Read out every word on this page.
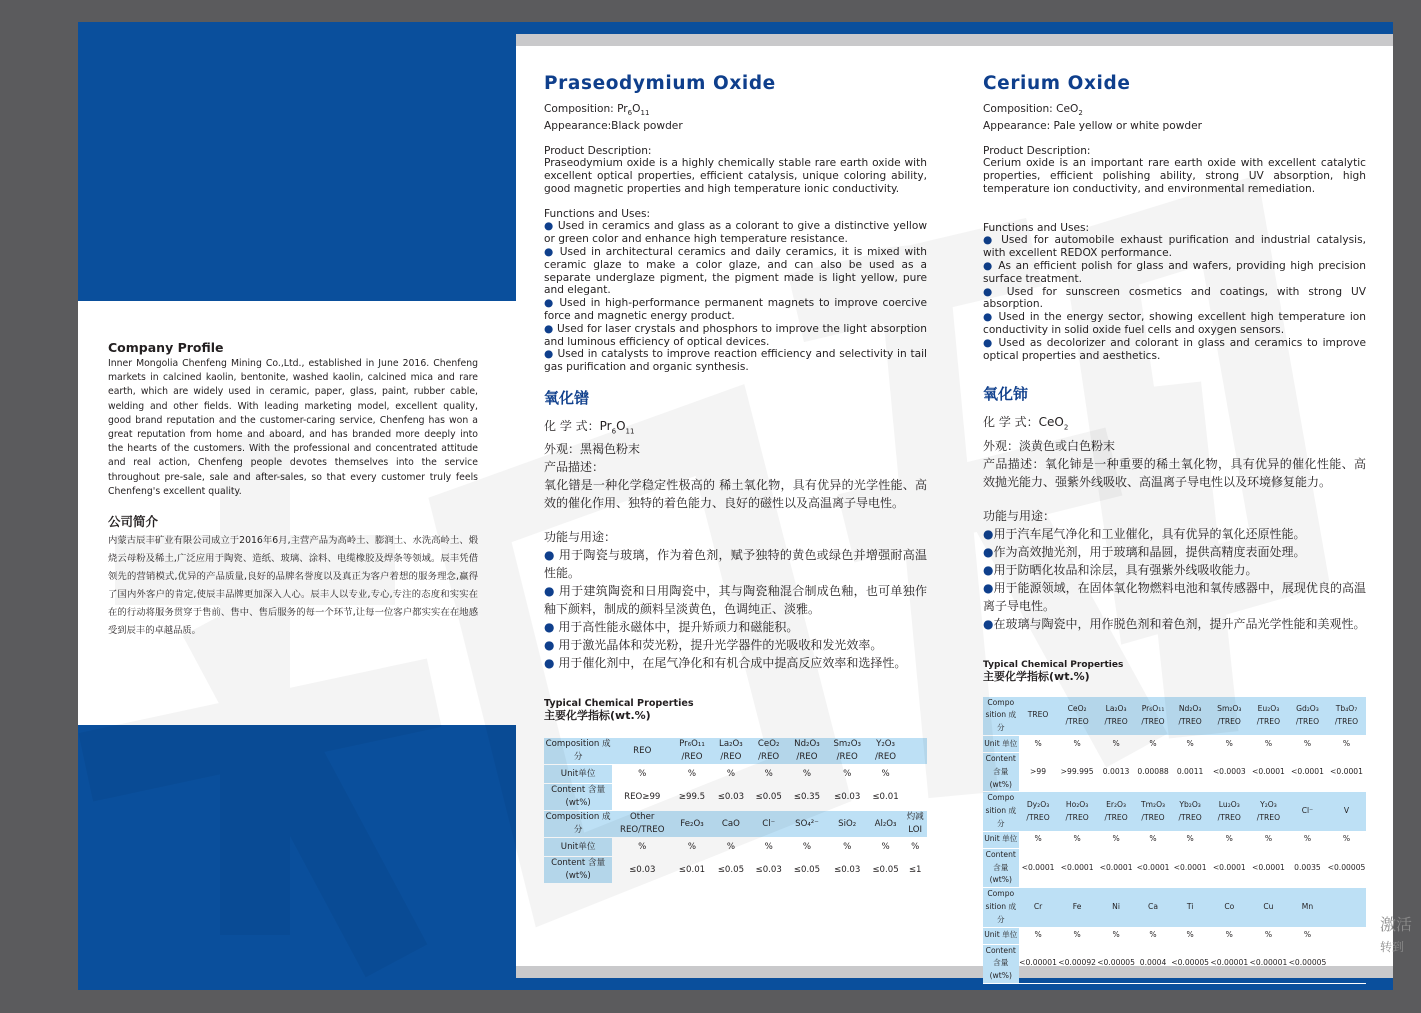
Company Profile

Inner Mongolia Chenfeng Mining Co.,Ltd., established in June 2016. Chenfeng markets in calcined kaolin, bentonite, washed kaolin, calcined mica and rare earth, which are widely used in ceramic, paper, glass, paint, rubber cable, welding and other fields. With leading marketing model, excellent quality, good brand reputation and the customer-caring service, Chenfeng has won a great reputation from home and aboard, and has branded more deeply into the hearts of the customers. With the professional and concentrated attitude and real action, Chenfeng people devotes themselves into the service throughout pre-sale, sale and after-sales, so that every customer truly feels Chenfeng's excellent quality.

公司简介

内蒙古辰丰矿业有限公司成立于2016年6月,主营产品为高岭土、膨润土、水洗高岭土、煅烧云母粉及稀土,广泛应用于陶瓷、造纸、玻璃、涂料、电缆橡胶及焊条等领域。辰丰凭借领先的营销模式,优异的产品质量,良好的品牌名誉度以及真正为客户着想的服务理念,赢得了国内外客户的肯定,使辰丰品牌更加深入人心。辰丰人以专业,专心,专注的态度和实实在在的行动将服务贯穿于售前、售中、售后服务的每一个环节,让每一位客户都实实在在地感受到辰丰的卓越品质。

Praseodymium Oxide
Composition: $Pr_6O_{11}$
Appearance:Black powder
Product Description:
Praseodymium oxide is a highly chemically stable rare earth oxide with excellent optical properties, efficient catalysis, unique coloring ability, good magnetic properties and high temperature ionic conductivity.
Functions and Uses:
● Used in ceramics and glass as a colorant to give a distinctive yellow or green color and enhance high temperature resistance.
● Used in architectural ceramics and daily ceramics, it is mixed with ceramic glaze to make a color glaze, and can also be used as a separate underglaze pigment, the pigment made is light yellow, pure and elegant.
● Used in high-performance permanent magnets to improve coercive force and magnetic energy product.
● Used for laser crystals and phosphors to improve the light absorption and luminous efficiency of optical devices.
● Used in catalysts to improve reaction efficiency and selectivity in tail gas purification and organic synthesis.
氧化镨
化 学 式：$Pr_6O_{11}$
外观：黑褐色粉末
产品描述：
氧化镨是一种化学稳定性极高的 稀土氧化物，具有优异的光学性能、高效的催化作用、独特的着色能力、良好的磁性以及高温离子导电性。
功能与用途：
● 用于陶瓷与玻璃，作为着色剂，赋予独特的黄色或绿色并增强耐高温性能。
● 用于建筑陶瓷和日用陶瓷中，其与陶瓷釉混合制成色釉，也可单独作釉下颜料，制成的颜料呈淡黄色，色调纯正、淡雅。
● 用于高性能永磁体中，提升矫顽力和磁能积。
● 用于激光晶体和荧光粉，提升光学器件的光吸收和发光效率。
● 用于催化剂中，在尾气净化和有机合成中提高反应效率和选择性。
Typical Chemical Properties
主要化学指标(wt.%)
Composition 成分	REO	Pr₆O₁₁ /REO	La₂O₃ /REO	CeO₂ /REO	Nd₂O₃ /REO	Sm₂O₃ /REO	Y₂O₃ /REO	
Unit单位	%	%	%	%	%	%	%	
Content 含量(wt%)	REO≥99	≥99.5	≤0.03	≤0.05	≤0.35	≤0.03	≤0.01	
Composition 成分	Other REO/TREO	Fe₂O₃	CaO	Cl⁻	SO₄²⁻	SiO₂	Al₂O₃	灼减LOI
Unit单位	%	%	%	%	%	%	%	%
Content 含量(wt%)	≤0.03	≤0.01	≤0.05	≤0.03	≤0.05	≤0.03	≤0.05	≤1
Cerium Oxide
Composition: CeO$_2$
Appearance: Pale yellow or white powder
Product Description:
Cerium oxide is an important rare earth oxide with excellent catalytic properties, efficient polishing ability, strong UV absorption, high temperature ion conductivity, and environmental remediation.
Functions and Uses:
● Used for automobile exhaust purification and industrial catalysis, with excellent REDOX performance.
● As an efficient polish for glass and wafers, providing high precision surface treatment.
● Used for sunscreen cosmetics and coatings, with strong UV absorption.
● Used in the energy sector, showing excellent high temperature ion conductivity in solid oxide fuel cells and oxygen sensors.
● Used as decolorizer and colorant in glass and ceramics to improve optical properties and aesthetics.
氧化铈
化 学 式：CeO$_2$
外观：淡黄色或白色粉末
产品描述：氧化铈是一种重要的稀土氧化物，具有优异的催化性能、高效抛光能力、强紫外线吸收、高温离子导电性以及环境修复能力。
功能与用途：
●用于汽车尾气净化和工业催化，具有优异的氧化还原性能。
●作为高效抛光剂，用于玻璃和晶圆，提供高精度表面处理。
●用于防晒化妆品和涂层，具有强紫外线吸收能力。
●用于能源领域，在固体氧化物燃料电池和氧传感器中，展现优良的高温离子导电性。
●在玻璃与陶瓷中，用作脱色剂和着色剂，提升产品光学性能和美观性。
Typical Chemical Properties
主要化学指标(wt.%)
Compo sition 成分	TREO	CeO₂ /TREO	La₂O₃ /TREO	Pr₆O₁₁ /TREO	Nd₂O₃ /TREO	Sm₂O₃ /TREO	Eu₂O₃ /TREO	Gd₂O₃ /TREO	Tb₄O₇ /TREO
Unit 单位	%	%	%	%	%	%	%	%	%
Content 含量(wt%)	>99	>99.995	0.0013	0.00088	0.0011	<0.0003	<0.0001	<0.0001	<0.0001
Compo sition 成分	Dy₂O₃ /TREO	Ho₂O₃ /TREO	Er₂O₃ /TREO	Tm₂O₃ /TREO	Yb₂O₃ /TREO	Lu₂O₃ /TREO	Y₂O₃ /TREO	Cl⁻	V
Unit 单位	%	%	%	%	%	%	%	%	%
Content 含量 (wt%)	<0.0001	<0.0001	<0.0001	<0.0001	<0.0001	<0.0001	<0.0001	0.0035	<0.00005
Compo sition 成分	Cr	Fe	Ni	Ca	Ti	Co	Cu	Mn	
Unit 单位	%	%	%	%	%	%	%	%	
Content 含量 (wt%)	<0.00001	<0.00092	<0.00005	0.0004	<0.00005	<0.00001	<0.00001	<0.00005	
激活
转到
